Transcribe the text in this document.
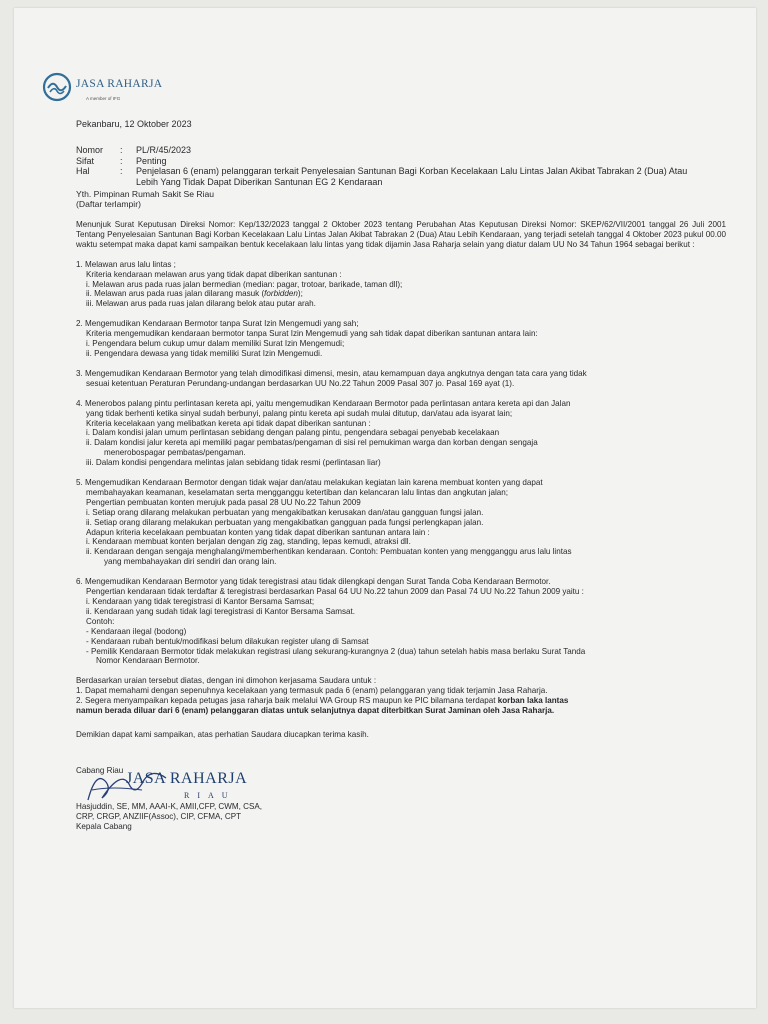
JASA RAHARJA
A member of IFG
Pekanbaru, 12 Oktober 2023
Nomor	:	PL/R/45/2023
Sifat	:	Penting
Hal	:	Penjelasan 6 (enam) pelanggaran terkait Penyelesaian Santunan Bagi Korban Kecelakaan Lalu Lintas Jalan Akibat Tabrakan 2 (Dua) Atau Lebih Yang Tidak Dapat Diberikan Santunan EG 2 Kendaraan
Yth. Pimpinan Rumah Sakit Se Riau
(Daftar terlampir)

Menunjuk Surat Keputusan Direksi Nomor: Kep/132/2023 tanggal 2 Oktober 2023 tentang Perubahan Atas Keputusan Direksi Nomor: SKEP/62/VII/2001 tanggal 26 Juli 2001 Tentang Penyelesaian Santunan Bagi Korban Kecelakaan Lalu Lintas Jalan Akibat Tabrakan 2 (Dua) Atau Lebih Kendaraan, yang terjadi setelah tanggal 4 Oktober 2023 pukul 00.00 waktu setempat maka dapat kami sampaikan bentuk kecelakaan lalu lintas yang tidak dijamin Jasa Raharja selain yang diatur dalam UU No 34 Tahun 1964 sebagai berikut :

1. Melawan arus lalu lintas ;

Kriteria kendaraan melawan arus yang tidak dapat diberikan santunan :

i. Melawan arus pada ruas jalan bermedian (median: pagar, trotoar, barikade, taman dll);

ii. Melawan arus pada ruas jalan dilarang masuk (forbidden);

iii. Melawan arus pada ruas jalan dilarang belok atau putar arah.

2. Mengemudikan Kendaraan Bermotor tanpa Surat Izin Mengemudi yang sah;

Kriteria mengemudikan kendaraan bermotor tanpa Surat Izin Mengemudi yang sah tidak dapat diberikan santunan antara lain:

i. Pengendara belum cukup umur dalam memiliki Surat Izin Mengemudi;

ii. Pengendara dewasa yang tidak memiliki Surat Izin Mengemudi.

3. Mengemudikan Kendaraan Bermotor yang telah dimodifikasi dimensi, mesin, atau kemampuan daya angkutnya dengan tata cara yang tidak

sesuai ketentuan Peraturan Perundang-undangan berdasarkan UU No.22 Tahun 2009 Pasal 307 jo. Pasal 169 ayat (1).

4. Menerobos palang pintu perlintasan kereta api, yaitu mengemudikan Kendaraan Bermotor pada perlintasan antara kereta api dan Jalan

yang tidak berhenti ketika sinyal sudah berbunyi, palang pintu kereta api sudah mulai ditutup, dan/atau ada isyarat lain;

Kriteria kecelakaan yang melibatkan kereta api tidak dapat diberikan santunan :

i. Dalam kondisi jalan umum perlintasan sebidang dengan palang pintu, pengendara sebagai penyebab kecelakaan

ii. Dalam kondisi jalur kereta api memiliki pagar pembatas/pengaman di sisi rel pemukiman warga dan korban dengan sengaja

menerobospagar pembatas/pengaman.

iii. Dalam kondisi pengendara melintas jalan sebidang tidak resmi (perlintasan liar)

5. Mengemudikan Kendaraan Bermotor dengan tidak wajar dan/atau melakukan kegiatan lain karena membuat konten yang dapat

membahayakan keamanan, keselamatan serta mengganggu ketertiban dan kelancaran lalu lintas dan angkutan jalan;

Pengertian pembuatan konten merujuk pada pasal 28 UU No.22 Tahun 2009

i. Setiap orang dilarang melakukan perbuatan yang mengakibatkan kerusakan dan/atau gangguan fungsi jalan.

ii. Setiap orang dilarang melakukan perbuatan yang mengakibatkan gangguan pada fungsi perlengkapan jalan.

Adapun kriteria kecelakaan pembuatan konten yang tidak dapat diberikan santunan antara lain :

i. Kendaraan membuat konten berjalan dengan zig zag, standing, lepas kemudi, atraksi dll.

ii. Kendaraan dengan sengaja menghalangi/memberhentikan kendaraan. Contoh: Pembuatan konten yang mengganggu arus lalu lintas

yang membahayakan diri sendiri dan orang lain.

6. Mengemudikan Kendaraan Bermotor yang tidak teregistrasi atau tidak dilengkapi dengan Surat Tanda Coba Kendaraan Bermotor.

Pengertian kendaraan tidak terdaftar & teregistrasi berdasarkan Pasal 64 UU No.22 tahun 2009 dan Pasal 74 UU No.22 Tahun 2009 yaitu :

i. Kendaraan yang tidak teregistrasi di Kantor Bersama Samsat;

ii. Kendaraan yang sudah tidak lagi teregistrasi di Kantor Bersama Samsat.

Contoh:

- Kendaraan ilegal (bodong)

- Kendaraan rubah bentuk/modifikasi belum dilakukan register ulang di Samsat

- Pemilik Kendaraan Bermotor tidak melakukan registrasi ulang sekurang-kurangnya 2 (dua) tahun setelah habis masa berlaku Surat Tanda

Nomor Kendaraan Bermotor.

Berdasarkan uraian tersebut diatas, dengan ini dimohon kerjasama Saudara untuk :

1. Dapat memahami dengan sepenuhnya kecelakaan yang termasuk pada 6 (enam) pelanggaran yang tidak terjamin Jasa Raharja.

2. Segera menyampaikan kepada petugas jasa raharja baik melalui WA Group RS maupun ke PIC bilamana terdapat korban laka lantas

namun berada diluar dari 6 (enam) pelanggaran diatas untuk selanjutnya dapat diterbitkan Surat Jaminan oleh Jasa Raharja.

Demikian dapat kami sampaikan, atas perhatian Saudara diucapkan terima kasih.

JASA RAHARJA
RIAU
Cabang Riau
Hasjuddin, SE, MM, AAAI-K, AMII,CFP, CWM, CSA,
CRP, CRGP, ANZIIF(Assoc), CIP, CFMA, CPT
Kepala Cabang
